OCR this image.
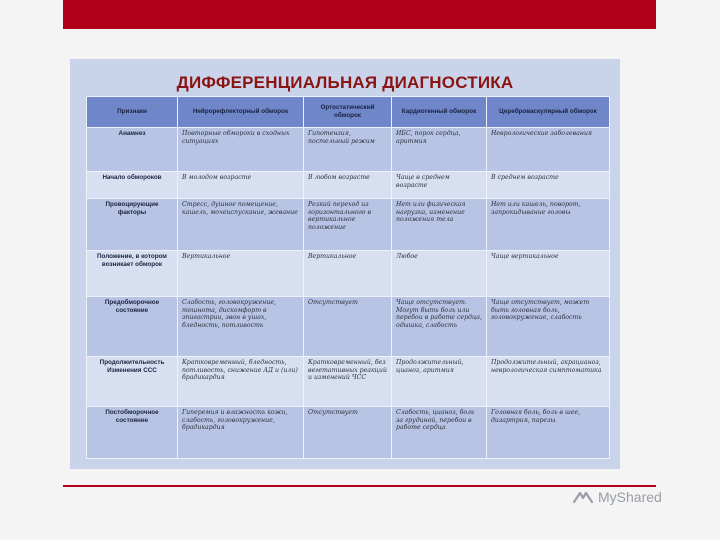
ДИФФЕРЕНЦИАЛЬНАЯ ДИАГНОСТИКА
Признаки	Нейрорефлекторный обморок	Ортостатический обморок	Кардиогенный обморок	Цереброваскулярный обморок
Анамнез	Повторные обмороки в сходных ситуациях	Гипотензия, постельный режим	ИБС, порок сердца, аритмия	Неврологические заболевания
Начало обмороков	В молодом возрасте	В любом возрасте	Чаще в среднем возрасте	В среднем возрасте
Провоцирующие факторы	Стресс, душное помещение, кашель, мочеиспускание, жевание	Резкий переход из горизонтального в вертикальное положение	Нет или физическая нагрузка, изменение положения тела	Нет или кашель, поворот, запрокидывание головы
Положение, в котором возникает обморок	Вертикальное	Вертикальное	Любое	Чаще вертикальное
Предобморочное состояние	Слабость, головокружение, тошнота, дискомфорт в эпигастрии, звон в ушах, бледность, потливость	Отсутствует	Чаще отсутствует. Могут быть боль или перебои в работе сердца, одышка, слабость	Чаще отсутствует, может быть головная боль, головокружение, слабость
Продолжительность Изменения ССС	Кратковременный, бледность, потливость, снижение АД и (или) брадикардия	Кратковременный, без вегетативных реакций и изменений ЧСС	Продолжительный, цианоз, аритмия	Продолжительный, акрацианоз, неврологическая симптоматика
Постобморочное состояние	Гиперемия и влажность кожи, слабость, головокружение, брадикардия	Отсутствует	Слабость, цианоз, боль за грудиной, перебои в работе сердца	Головная боль, боль в шее, дизартрия, парезы
MyShared
